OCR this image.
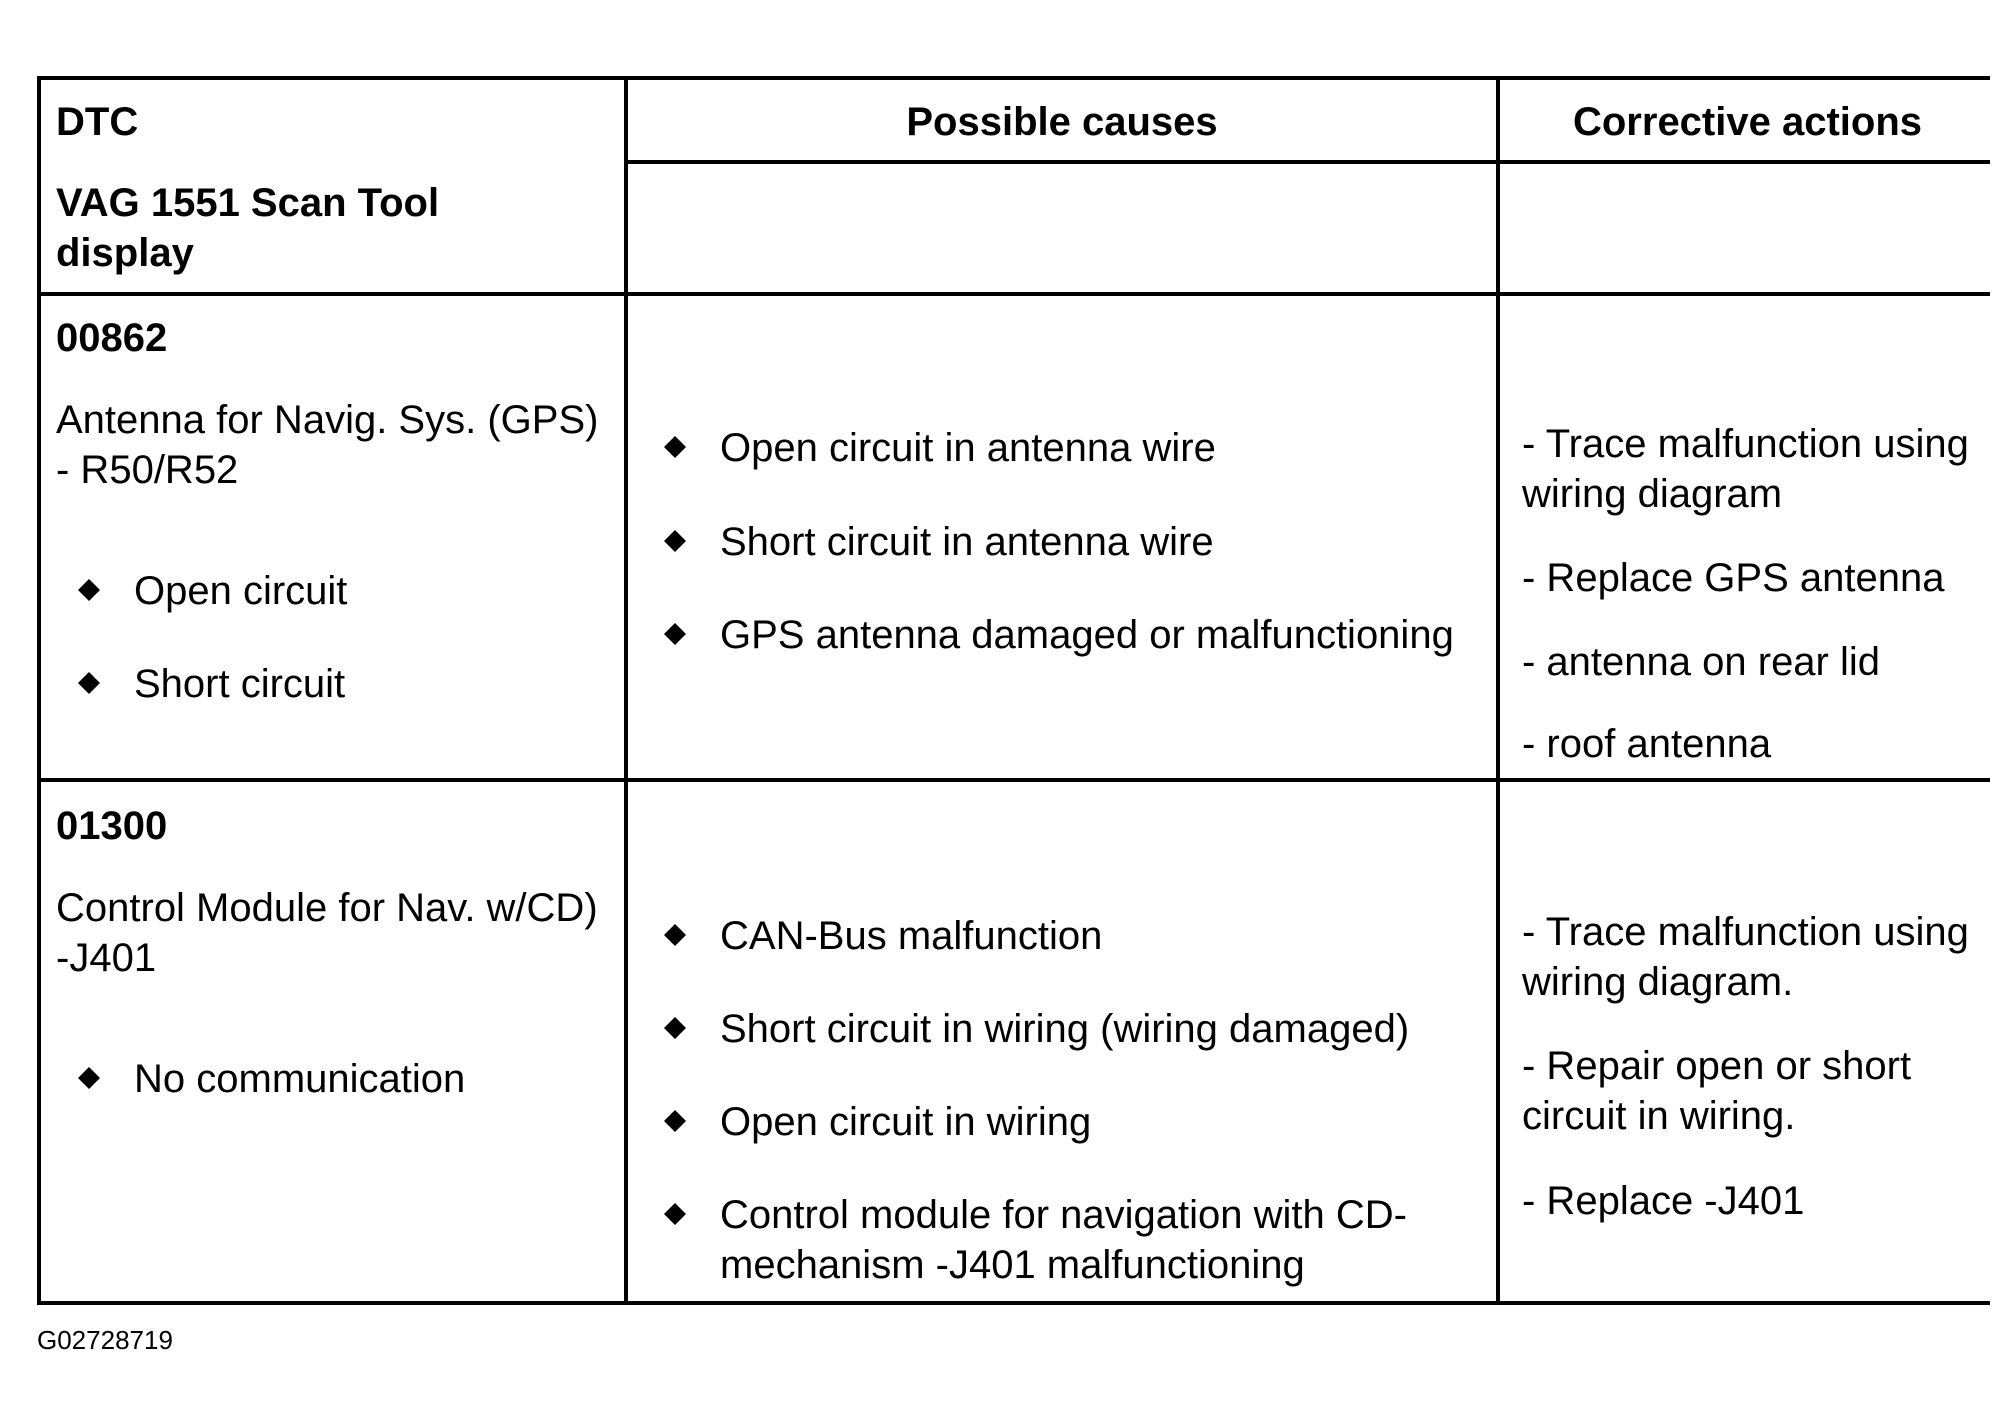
DTC
VAG 1551 Scan Tool
display
Possible causes	Corrective actions
00862
Antenna for Navig. Sys. (GPS)
- R50/R52
Open circuit
Short circuit
Open circuit in antenna wire
Short circuit in antenna wire
GPS antenna damaged or malfunctioning
- Trace malfunction using
wiring diagram
- Replace GPS antenna
- antenna on rear lid
- roof antenna
01300
Control Module for Nav. w/CD)
-J401
No communication
CAN-Bus malfunction
Short circuit in wiring (wiring damaged)
Open circuit in wiring
Control module for navigation with CD-
mechanism -J401 malfunctioning
- Trace malfunction using
wiring diagram.
- Repair open or short
circuit in wiring.
- Replace -J401
G02728719
